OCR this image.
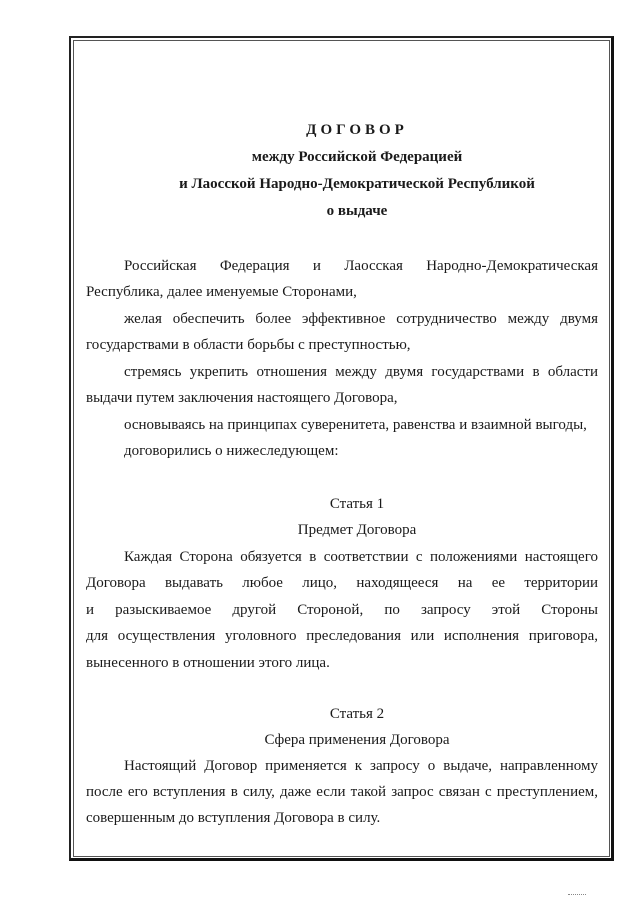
ДОГОВОР
между Российской Федерацией
и Лаосской Народно-Демократической Республикой
о выдаче
Российская Федерация и Лаосская Народно-Демократическая
Республика, далее именуемые Сторонами,
желая обеспечить более эффективное сотрудничество между двумя
государствами в области борьбы с преступностью,
стремясь укрепить отношения между двумя государствами в области
выдачи путем заключения настоящего Договора,
основываясь на принципах суверенитета, равенства и взаимной выгоды,
договорились о нижеследующем:
Статья 1
Предмет Договора
Каждая Сторона обязуется в соответствии с положениями настоящего
Договора выдавать любое лицо, находящееся на ее территории
и разыскиваемое другой Стороной, по запросу этой Стороны
для осуществления уголовного преследования или исполнения приговора,
вынесенного в отношении этого лица.
Статья 2
Сфера применения Договора
Настоящий Договор применяется к запросу о выдаче, направленному
после его вступления в силу, даже если такой запрос связан с преступлением,
совершенным до вступления Договора в силу.
